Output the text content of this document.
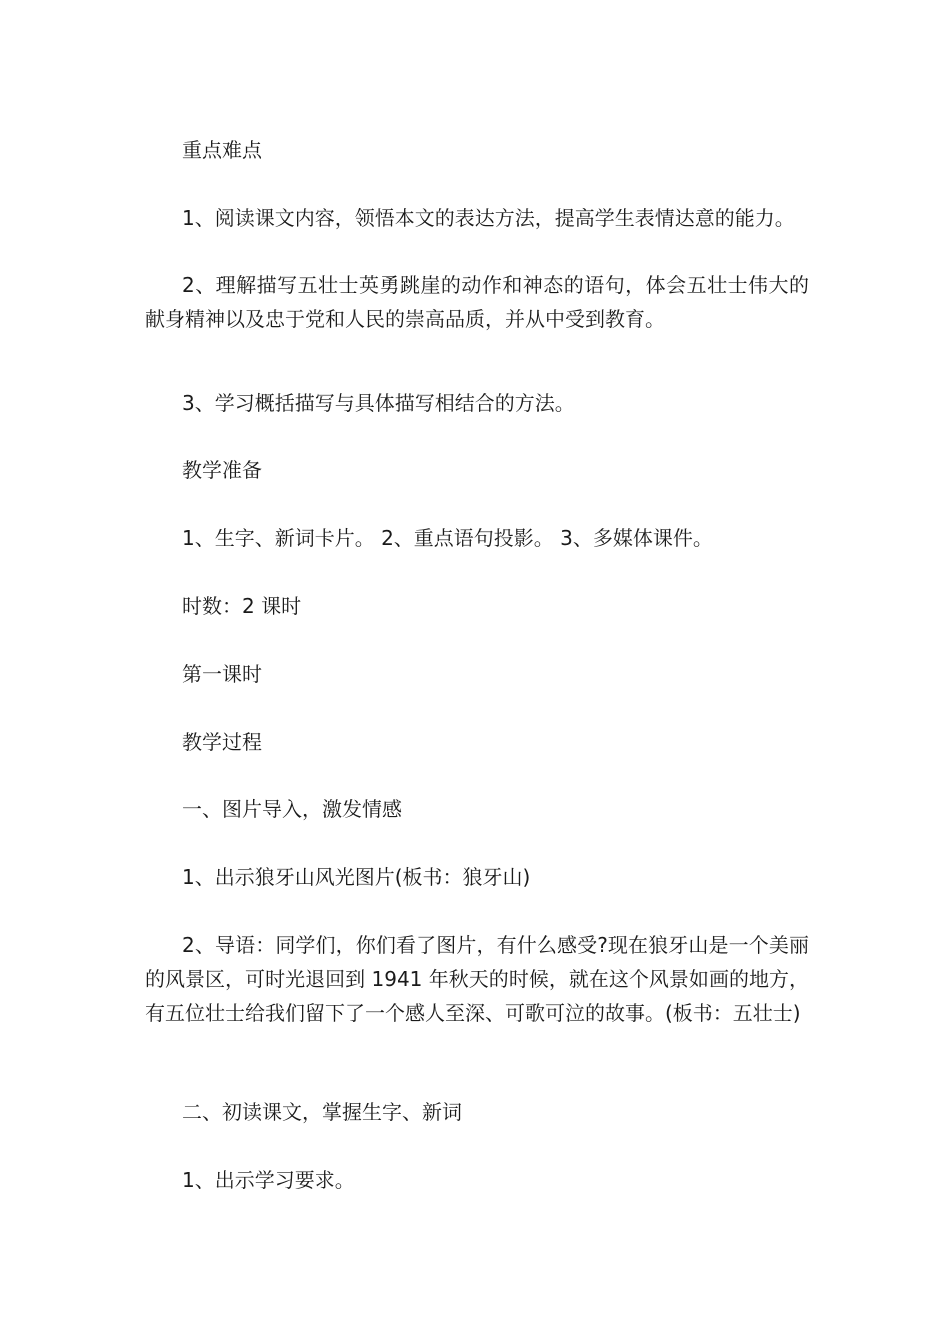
重点难点

1、阅读课文内容，领悟本文的表达方法，提高学生表情达意的能力。

2、理解描写五壮士英勇跳崖的动作和神态的语句，体会五壮士伟大的献身精神以及忠于党和人民的崇高品质，并从中受到教育。

3、学习概括描写与具体描写相结合的方法。

教学准备

1、生字、新词卡片。 2、重点语句投影。 3、多媒体课件。

时数：2 课时

第一课时

教学过程

一、图片导入，激发情感

1、出示狼牙山风光图片(板书：狼牙山)

2、导语：同学们，你们看了图片，有什么感受?现在狼牙山是一个美丽的风景区，可时光退回到 1941 年秋天的时候，就在这个风景如画的地方，有五位壮士给我们留下了一个感人至深、可歌可泣的故事。(板书：五壮士)

二、初读课文，掌握生字、新词

1、出示学习要求。
